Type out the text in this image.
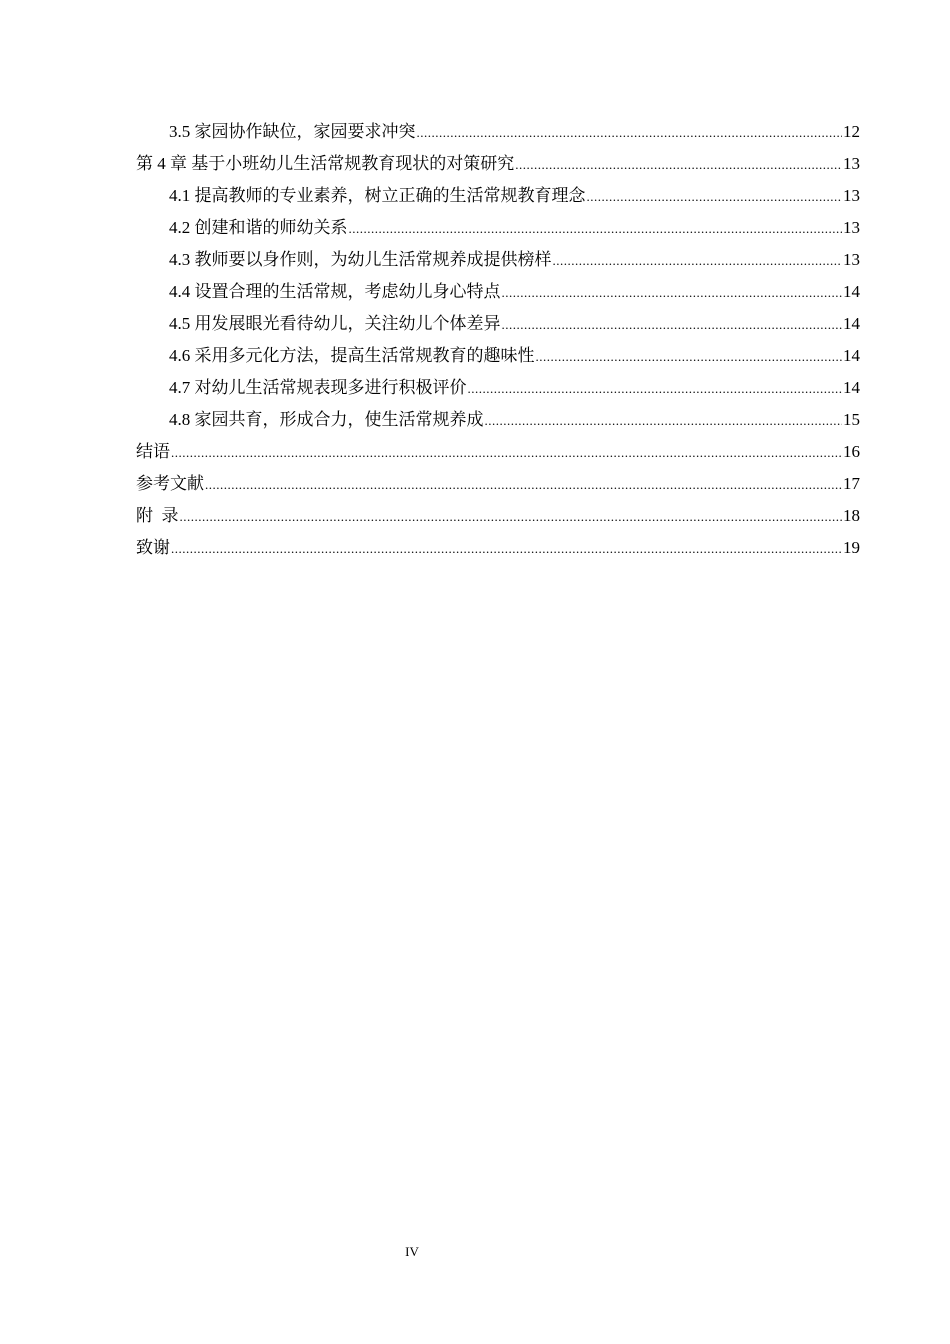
3.5 家园协作缺位，家园要求冲突 .....	12
第 4 章 基于小班幼儿生活常规教育现状的对策研究 .....	13
4.1 提高教师的专业素养，树立正确的生活常规教育理念 .....	13
4.2 创建和谐的师幼关系 .....	13
4.3 教师要以身作则，为幼儿生活常规养成提供榜样 .....	13
4.4 设置合理的生活常规，考虑幼儿身心特点 .....	14
4.5 用发展眼光看待幼儿，关注幼儿个体差异 .....	14
4.6 采用多元化方法，提高生活常规教育的趣味性 .....	14
4.7 对幼儿生活常规表现多进行积极评价 .....	14
4.8 家园共育，形成合力，使生活常规养成 .....	15
结语 .....	16
参考文献 .....	17
附  录 .....	18
致谢 .....	19
IV
